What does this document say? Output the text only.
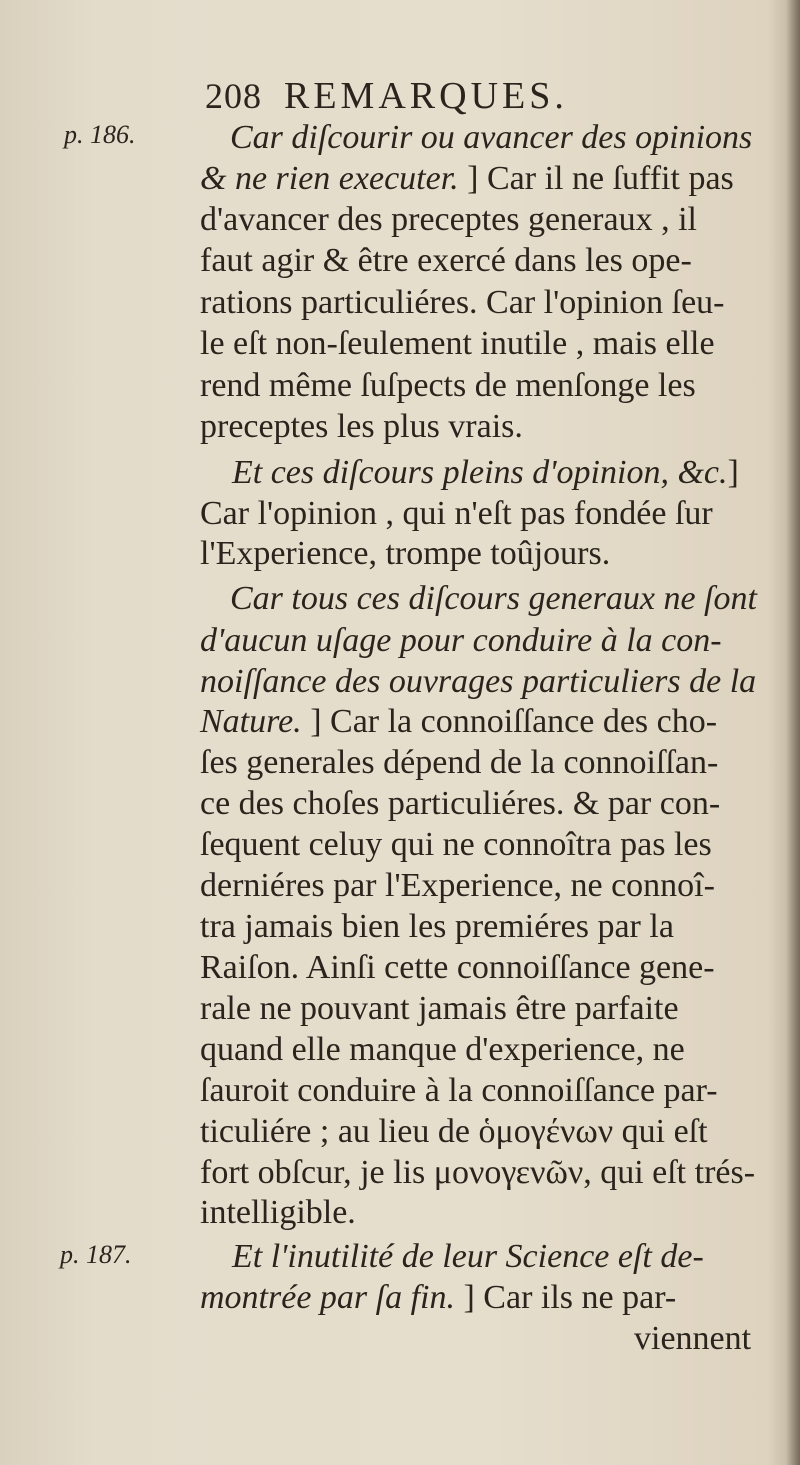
208 REMARQUES.
p. 186.
p. 187.
Car diſcourir ou avancer des opinions
& ne rien executer. ] Car il ne ſuffit pas
d'avancer des preceptes generaux , il
faut agir & être exercé dans les ope-
rations particuliéres. Car l'opinion ſeu-
le eſt non-ſeulement inutile , mais elle
rend même ſuſpects de menſonge les
preceptes les plus vrais.
Et ces diſcours pleins d'opinion, &c.]
Car l'opinion , qui n'eſt pas fondée ſur
l'Experience, trompe toûjours.
Car tous ces diſcours generaux ne ſont
d'aucun uſage pour conduire à la con-
noiſſance des ouvrages particuliers de la
Nature. ] Car la connoiſſance des cho-
ſes generales dépend de la connoiſſan-
ce des choſes particuliéres. & par con-
ſequent celuy qui ne connoîtra pas les
derniéres par l'Experience, ne connoî-
tra jamais bien les premiéres par la
Raiſon. Ainſi cette connoiſſance gene-
rale ne pouvant jamais être parfaite
quand elle manque d'experience, ne
ſauroit conduire à la connoiſſance par-
ticuliére ; au lieu de ὁμογένων qui eſt
fort obſcur, je lis μονογενῶν, qui eſt trés-
intelligible.
Et l'inutilité de leur Science eſt de-
montrée par ſa fin. ] Car ils ne par-
viennent
